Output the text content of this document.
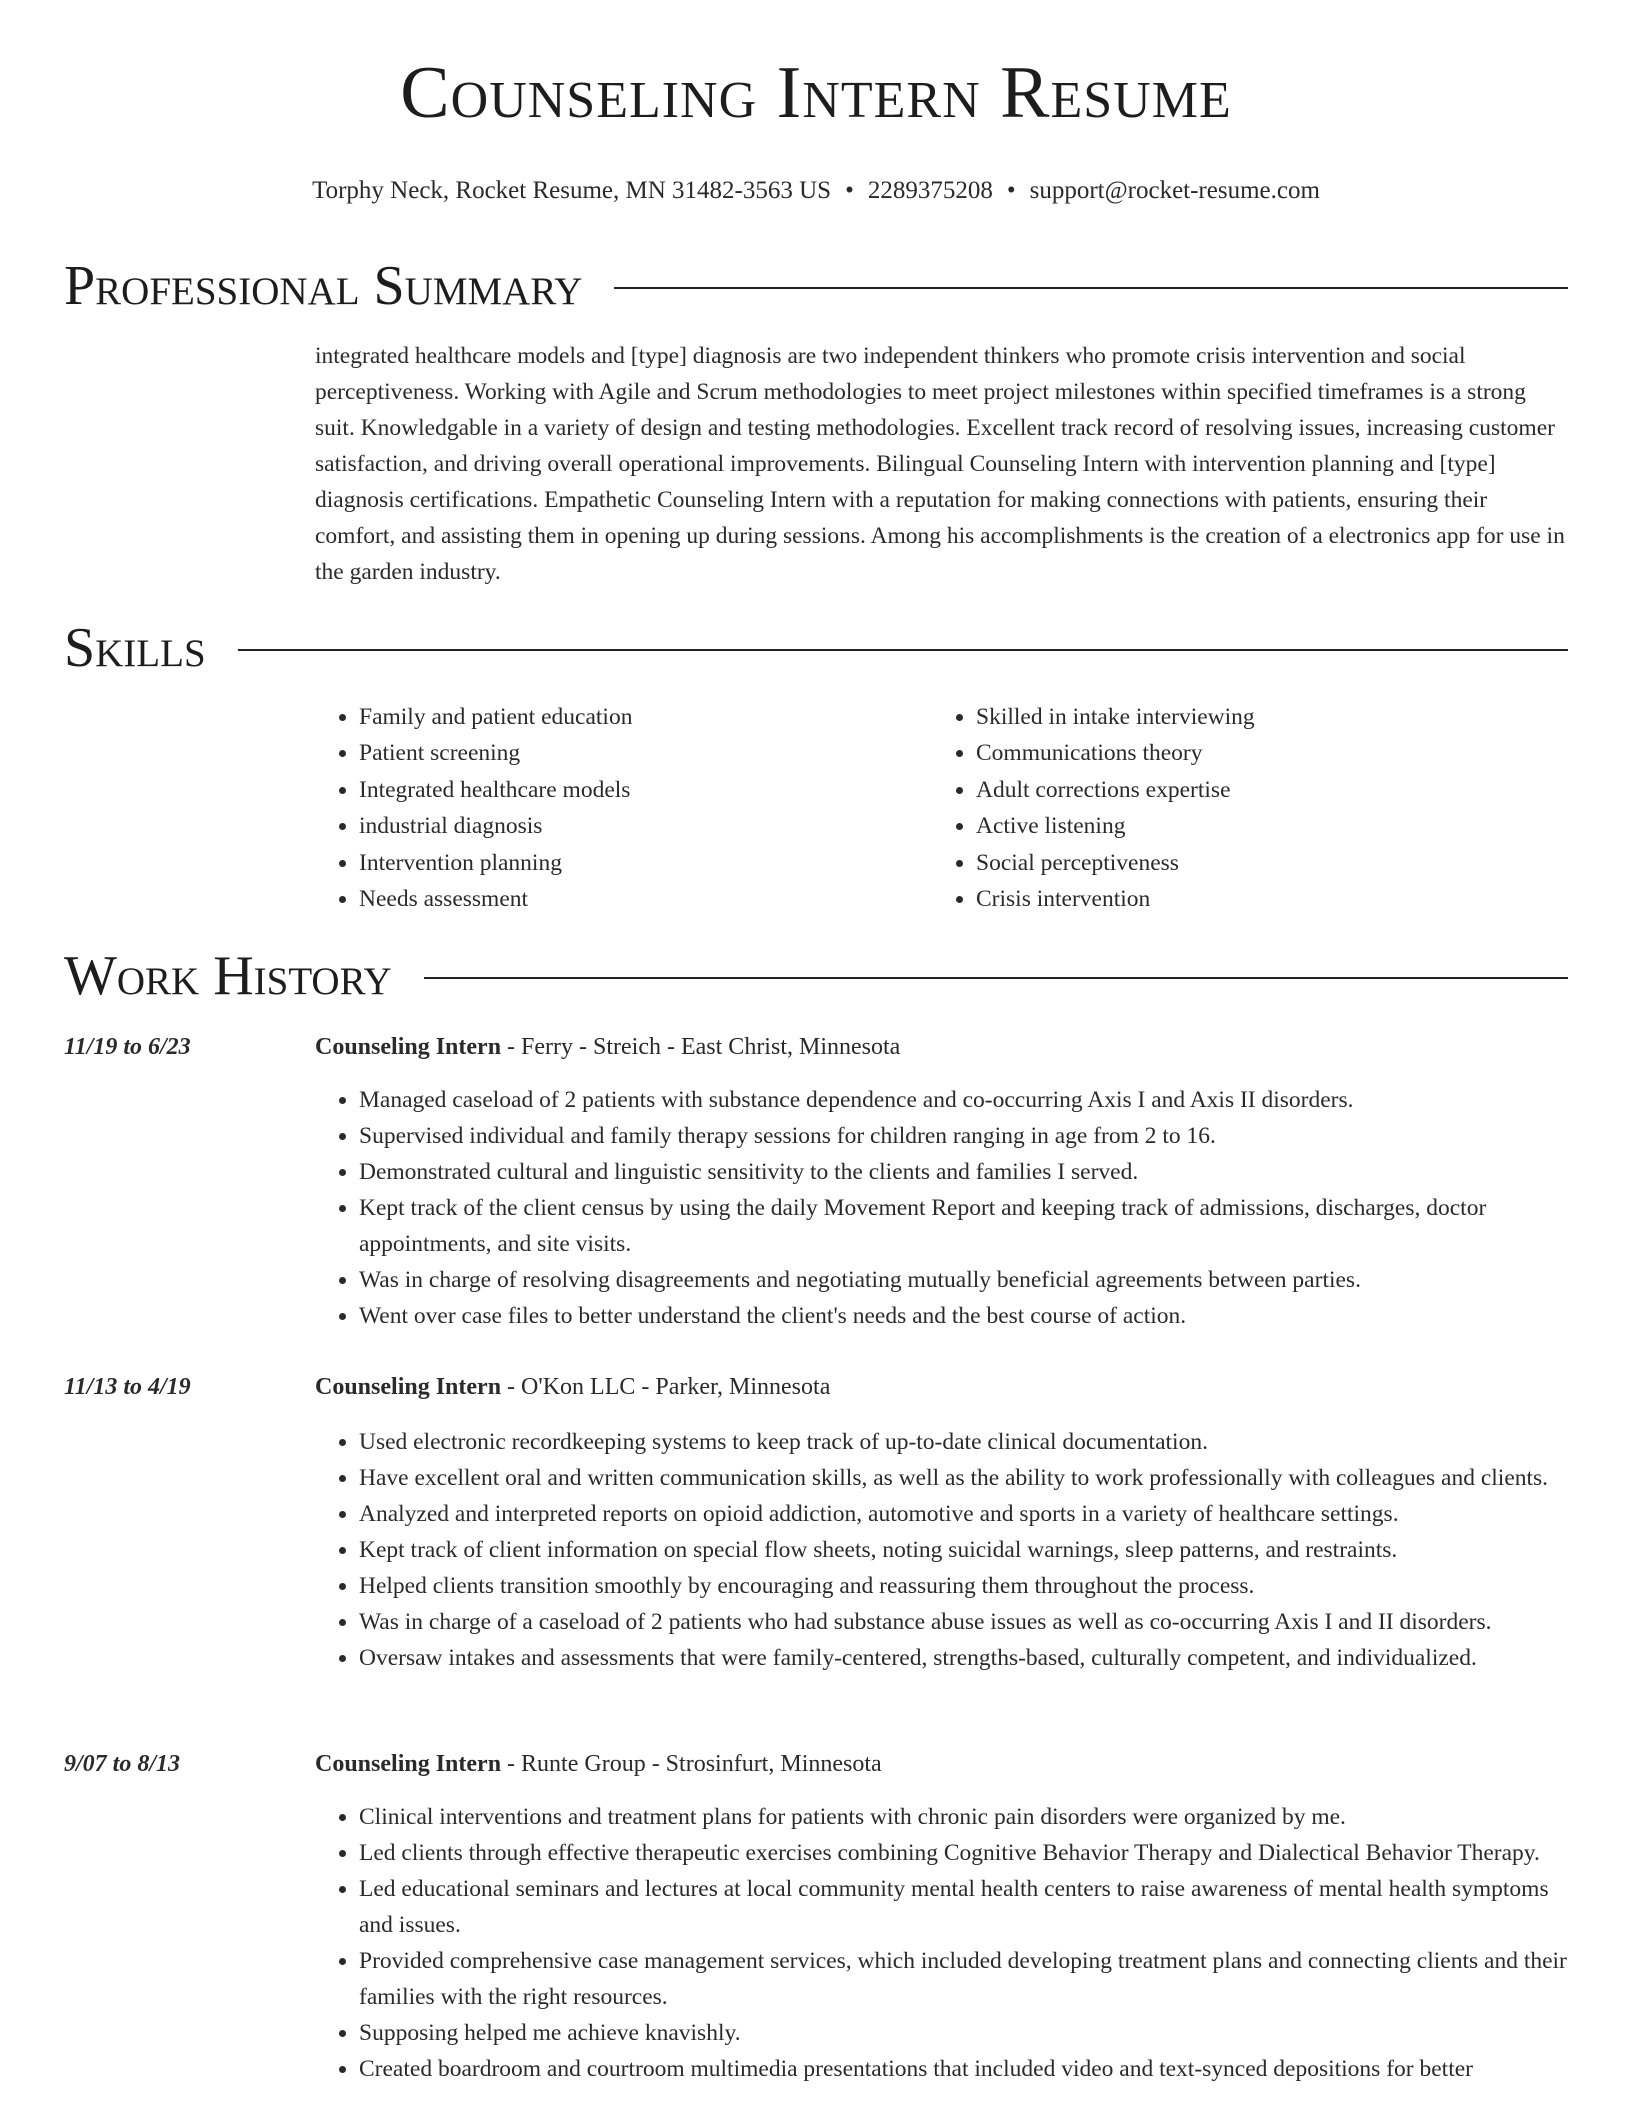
Counseling Intern Resume
Torphy Neck, Rocket Resume, MN 31482-3563 US • 2289375208 • support@rocket-resume.com
Professional Summary

integrated healthcare models and [type] diagnosis are two independent thinkers who promote crisis intervention and social perceptiveness. Working with Agile and Scrum methodologies to meet project milestones within specified timeframes is a strong suit. Knowledgable in a variety of design and testing methodologies. Excellent track record of resolving issues, increasing customer satisfaction, and driving overall operational improvements. Bilingual Counseling Intern with intervention planning and [type] diagnosis certifications. Empathetic Counseling Intern with a reputation for making connections with patients, ensuring their comfort, and assisting them in opening up during sessions. Among his accomplishments is the creation of a electronics app for use in the garden industry.

Skills
• Family and patient education
• Patient screening
• Integrated healthcare models
• industrial diagnosis
• Intervention planning
• Needs assessment
• Skilled in intake interviewing
• Communications theory
• Adult corrections expertise
• Active listening
• Social perceptiveness
• Crisis intervention
Work History
11/19 to 6/23	Counseling Intern - Ferry - Streich - East Christ, Minnesota
• Managed caseload of 2 patients with substance dependence and co-occurring Axis I and Axis II disorders.
• Supervised individual and family therapy sessions for children ranging in age from 2 to 16.
• Demonstrated cultural and linguistic sensitivity to the clients and families I served.
• Kept track of the client census by using the daily Movement Report and keeping track of admissions, discharges, doctor appointments, and site visits.
• Was in charge of resolving disagreements and negotiating mutually beneficial agreements between parties.
• Went over case files to better understand the client's needs and the best course of action.
11/13 to 4/19	Counseling Intern - O'Kon LLC - Parker, Minnesota
• Used electronic recordkeeping systems to keep track of up-to-date clinical documentation.
• Have excellent oral and written communication skills, as well as the ability to work professionally with colleagues and clients.
• Analyzed and interpreted reports on opioid addiction, automotive and sports in a variety of healthcare settings.
• Kept track of client information on special flow sheets, noting suicidal warnings, sleep patterns, and restraints.
• Helped clients transition smoothly by encouraging and reassuring them throughout the process.
• Was in charge of a caseload of 2 patients who had substance abuse issues as well as co-occurring Axis I and II disorders.
• Oversaw intakes and assessments that were family-centered, strengths-based, culturally competent, and individualized.
9/07 to 8/13	Counseling Intern - Runte Group - Strosinfurt, Minnesota
• Clinical interventions and treatment plans for patients with chronic pain disorders were organized by me.
• Led clients through effective therapeutic exercises combining Cognitive Behavior Therapy and Dialectical Behavior Therapy.
• Led educational seminars and lectures at local community mental health centers to raise awareness of mental health symptoms and issues.
• Provided comprehensive case management services, which included developing treatment plans and connecting clients and their families with the right resources.
• Supposing helped me achieve knavishly.
• Created boardroom and courtroom multimedia presentations that included video and text-synced depositions for better
